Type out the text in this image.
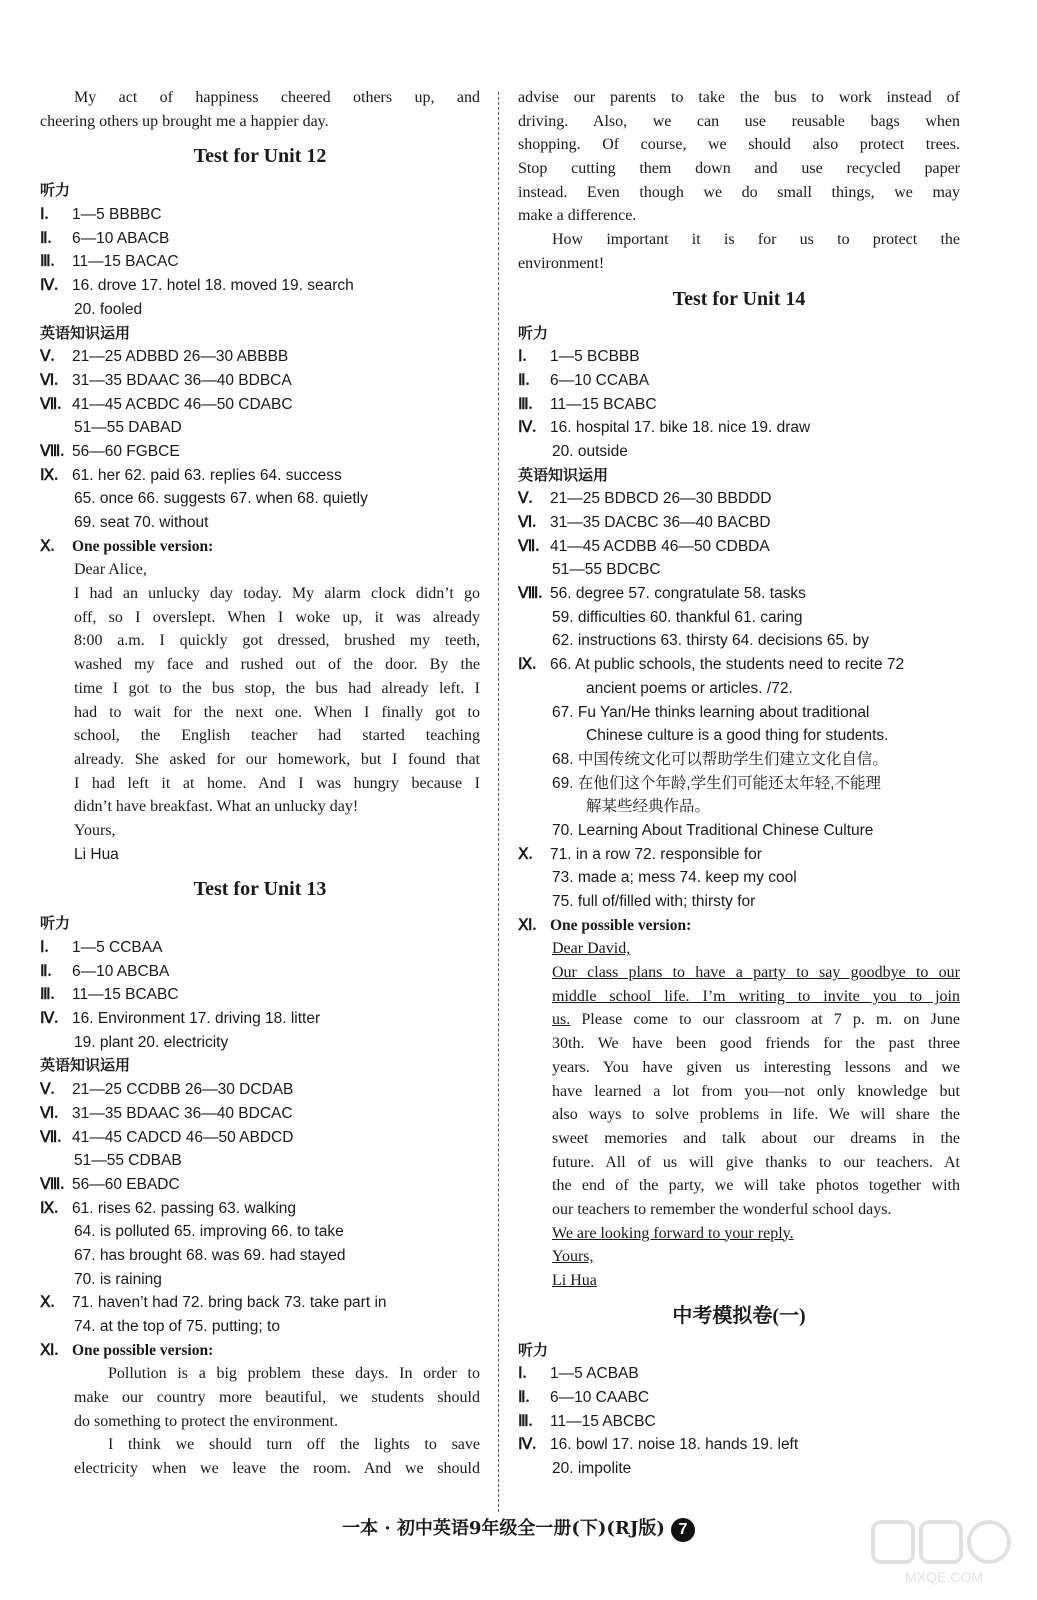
My act of happiness cheered others up, and
cheering others up brought me a happier day.
Test for Unit 12
听力
Ⅰ. 1—5 BBBBC
Ⅱ. 6—10 ABACB
Ⅲ. 11—15 BACAC
Ⅳ. 16. drove 17. hotel 18. moved 19. search
20. fooled
英语知识运用
Ⅴ. 21—25 ADBBD 26—30 ABBBB
Ⅵ. 31—35 BDAAC 36—40 BDBCA
Ⅶ. 41—45 ACBDC 46—50 CDABC
51—55 DABAD
Ⅷ. 56—60 FGBCE
Ⅸ. 61. her 62. paid 63. replies 64. success
65. once 66. suggests 67. when 68. quietly
69. seat 70. without
Ⅹ. One possible version:
Dear Alice,
I had an unlucky day today. My alarm clock didn’t go
off, so I overslept. When I woke up, it was already
8:00 a.m. I quickly got dressed, brushed my teeth,
washed my face and rushed out of the door. By the
time I got to the bus stop, the bus had already left. I
had to wait for the next one. When I finally got to
school, the English teacher had started teaching
already. She asked for our homework, but I found that
I had left it at home. And I was hungry because I
didn’t have breakfast. What an unlucky day!
Yours,
Li Hua
Test for Unit 13
听力
Ⅰ. 1—5 CCBAA
Ⅱ. 6—10 ABCBA
Ⅲ. 11—15 BCABC
Ⅳ. 16. Environment 17. driving 18. litter
19. plant 20. electricity
英语知识运用
Ⅴ. 21—25 CCDBB 26—30 DCDAB
Ⅵ. 31—35 BDAAC 36—40 BDCAC
Ⅶ. 41—45 CADCD 46—50 ABDCD
51—55 CDBAB
Ⅷ. 56—60 EBADC
Ⅸ. 61. rises 62. passing 63. walking
64. is polluted 65. improving 66. to take
67. has brought 68. was 69. had stayed
70. is raining
Ⅹ. 71. haven’t had 72. bring back 73. take part in
74. at the top of 75. putting; to
Ⅺ. One possible version:
Pollution is a big problem these days. In order to
make our country more beautiful, we students should
do something to protect the environment.
I think we should turn off the lights to save
electricity when we leave the room. And we should
advise our parents to take the bus to work instead of
driving. Also, we can use reusable bags when
shopping. Of course, we should also protect trees.
Stop cutting them down and use recycled paper
instead. Even though we do small things, we may
make a difference.
How important it is for us to protect the
environment!
Test for Unit 14
听力
Ⅰ. 1—5 BCBBB
Ⅱ. 6—10 CCABA
Ⅲ. 11—15 BCABC
Ⅳ. 16. hospital 17. bike 18. nice 19. draw
20. outside
英语知识运用
Ⅴ. 21—25 BDBCD 26—30 BBDDD
Ⅵ. 31—35 DACBC 36—40 BACBD
Ⅶ. 41—45 ACDBB 46—50 CDBDA
51—55 BDCBC
Ⅷ. 56. degree 57. congratulate 58. tasks
59. difficulties 60. thankful 61. caring
62. instructions 63. thirsty 64. decisions 65. by
Ⅸ. 66. At public schools, the students need to recite 72
ancient poems or articles. /72.
67. Fu Yan/He thinks learning about traditional
Chinese culture is a good thing for students.
68. 中国传统文化可以帮助学生们建立文化自信。
69. 在他们这个年龄,学生们可能还太年轻,不能理
解某些经典作品。
70. Learning About Traditional Chinese Culture
Ⅹ. 71. in a row 72. responsible for
73. made a; mess 74. keep my cool
75. full of/filled with; thirsty for
Ⅺ. One possible version:
Dear David,
Our class plans to have a party to say goodbye to our
middle school life. I’m writing to invite you to join
us. Please come to our classroom at 7 p. m. on June
30th. We have been good friends for the past three
years. You have given us interesting lessons and we
have learned a lot from you—not only knowledge but
also ways to solve problems in life. We will share the
sweet memories and talk about our dreams in the
future. All of us will give thanks to our teachers. At
the end of the party, we will take photos together with
our teachers to remember the wonderful school days.
We are looking forward to your reply.
Yours,
Li Hua
中考模拟卷(一)
听力
Ⅰ. 1—5 ACBAB
Ⅱ. 6—10 CAABC
Ⅲ. 11—15 ABCBC
Ⅳ. 16. bowl 17. noise 18. hands 19. left
20. impolite
一本 · 初中英语9年级全一册(下)(RJ版) 7
MXQE.COM
